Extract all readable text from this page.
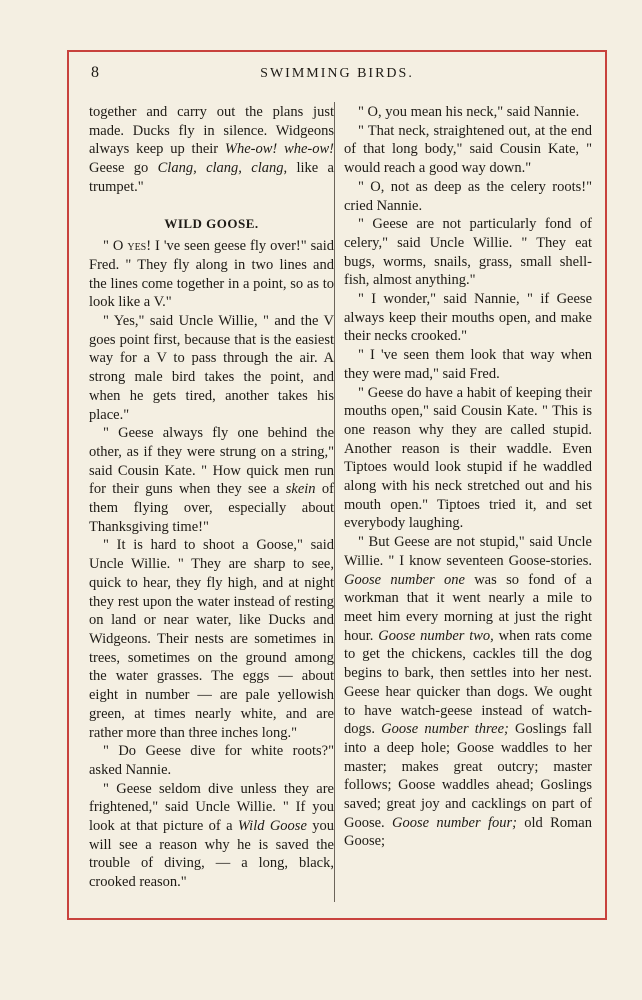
8	SWIMMING BIRDS.

together and carry out the plans just made. Ducks fly in silence. Widgeons always keep up their Whe-ow! whe-ow! Geese go Clang, clang, clang, like a trumpet."

WILD GOOSE.

" O yes! I 've seen geese fly over!" said Fred. " They fly along in two lines and the lines come together in a point, so as to look like a V."

" Yes," said Uncle Willie, " and the V goes point first, because that is the easiest way for a V to pass through the air. A strong male bird takes the point, and when he gets tired, another takes his place."

" Geese always fly one behind the other, as if they were strung on a string," said Cousin Kate. " How quick men run for their guns when they see a skein of them flying over, especially about Thanksgiving time!"

" It is hard to shoot a Goose," said Uncle Willie. " They are sharp to see, quick to hear, they fly high, and at night they rest upon the water instead of resting on land or near water, like Ducks and Widgeons. Their nests are sometimes in trees, sometimes on the ground among the water grasses. The eggs — about eight in number — are pale yellowish green, at times nearly white, and are rather more than three inches long."

" Do Geese dive for white roots?" asked Nannie.

" Geese seldom dive unless they are frightened," said Uncle Willie. " If you look at that picture of a Wild Goose you will see a reason why he is saved the trouble of diving, — a long, black, crooked reason."

" O, you mean his neck," said Nannie.

" That neck, straightened out, at the end of that long body," said Cousin Kate, " would reach a good way down."

" O, not as deep as the celery roots!" cried Nannie.

" Geese are not particularly fond of celery," said Uncle Willie. " They eat bugs, worms, snails, grass, small shell-fish, almost anything."

" I wonder," said Nannie, " if Geese always keep their mouths open, and make their necks crooked."

" I 've seen them look that way when they were mad," said Fred.

" Geese do have a habit of keeping their mouths open," said Cousin Kate. " This is one reason why they are called stupid. Another reason is their waddle. Even Tiptoes would look stupid if he waddled along with his neck stretched out and his mouth open." Tiptoes tried it, and set everybody laughing.

" But Geese are not stupid," said Uncle Willie. " I know seventeen Goose-stories. Goose number one was so fond of a workman that it went nearly a mile to meet him every morning at just the right hour. Goose number two, when rats come to get the chickens, cackles till the dog begins to bark, then settles into her nest. Geese hear quicker than dogs. We ought to have watch-geese instead of watch-dogs. Goose number three; Goslings fall into a deep hole; Goose waddles to her master; makes great outcry; master follows; Goose waddles ahead; Goslings saved; great joy and cacklings on part of Goose. Goose number four; old Roman Goose;
